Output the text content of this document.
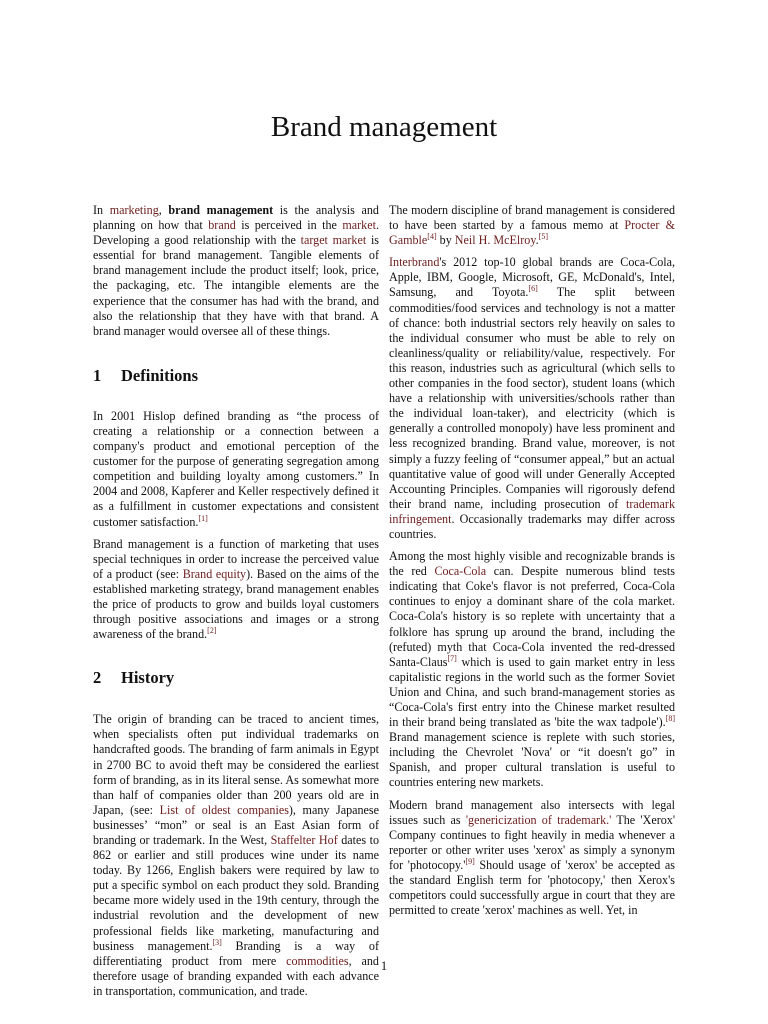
Brand management

In marketing, brand management is the analysis and planning on how that brand is perceived in the market. Developing a good relationship with the target market is essential for brand management. Tangible elements of brand management include the product itself; look, price, the packaging, etc. The intangible elements are the experience that the consumer has had with the brand, and also the relationship that they have with that brand. A brand manager would oversee all of these things.

1 Definitions

In 2001 Hislop defined branding as “the process of creating a relationship or a connection between a company's product and emotional perception of the customer for the purpose of generating segregation among competition and building loyalty among customers.” In 2004 and 2008, Kapferer and Keller respectively defined it as a fulfillment in customer expectations and consistent customer satisfaction.[1]

Brand management is a function of marketing that uses special techniques in order to increase the perceived value of a product (see: Brand equity). Based on the aims of the established marketing strategy, brand management enables the price of products to grow and builds loyal customers through positive associations and images or a strong awareness of the brand.[2]

2 History

The origin of branding can be traced to ancient times, when specialists often put individual trademarks on handcrafted goods. The branding of farm animals in Egypt in 2700 BC to avoid theft may be considered the earliest form of branding, as in its literal sense. As somewhat more than half of companies older than 200 years old are in Japan, (see: List of oldest companies), many Japanese businesses’ “mon” or seal is an East Asian form of branding or trademark. In the West, Staffelter Hof dates to 862 or earlier and still produces wine under its name today. By 1266, English bakers were required by law to put a specific symbol on each product they sold. Branding became more widely used in the 19th century, through the industrial revolution and the development of new professional fields like marketing, manufacturing and business management.[3] Branding is a way of differentiating product from mere commodities, and therefore usage of branding expanded with each advance in transportation, communication, and trade.

The modern discipline of brand management is considered to have been started by a famous memo at Procter & Gamble[4] by Neil H. McElroy.[5]

Interbrand's 2012 top-10 global brands are Coca-Cola, Apple, IBM, Google, Microsoft, GE, McDonald's, Intel, Samsung, and Toyota.[6] The split between commodities/food services and technology is not a matter of chance: both industrial sectors rely heavily on sales to the individual consumer who must be able to rely on cleanliness/quality or reliability/value, respectively. For this reason, industries such as agricultural (which sells to other companies in the food sector), student loans (which have a relationship with universities/schools rather than the individual loan-taker), and electricity (which is generally a controlled monopoly) have less prominent and less recognized branding. Brand value, moreover, is not simply a fuzzy feeling of “consumer appeal,” but an actual quantitative value of good will under Generally Accepted Accounting Principles. Companies will rigorously defend their brand name, including prosecution of trademark infringement. Occasionally trademarks may differ across countries.

Among the most highly visible and recognizable brands is the red Coca-Cola can. Despite numerous blind tests indicating that Coke's flavor is not preferred, Coca-Cola continues to enjoy a dominant share of the cola market. Coca-Cola's history is so replete with uncertainty that a folklore has sprung up around the brand, including the (refuted) myth that Coca-Cola invented the red-dressed Santa-Claus[7] which is used to gain market entry in less capitalistic regions in the world such as the former Soviet Union and China, and such brand-management stories as “Coca-Cola's first entry into the Chinese market resulted in their brand being translated as 'bite the wax tadpole').[8] Brand management science is replete with such stories, including the Chevrolet 'Nova' or “it doesn't go” in Spanish, and proper cultural translation is useful to countries entering new markets.

Modern brand management also intersects with legal issues such as 'genericization of trademark.' The 'Xerox' Company continues to fight heavily in media whenever a reporter or other writer uses 'xerox' as simply a synonym for 'photocopy.'[9] Should usage of 'xerox' be accepted as the standard English term for 'photocopy,' then Xerox's competitors could successfully argue in court that they are permitted to create 'xerox' machines as well. Yet, in

1
